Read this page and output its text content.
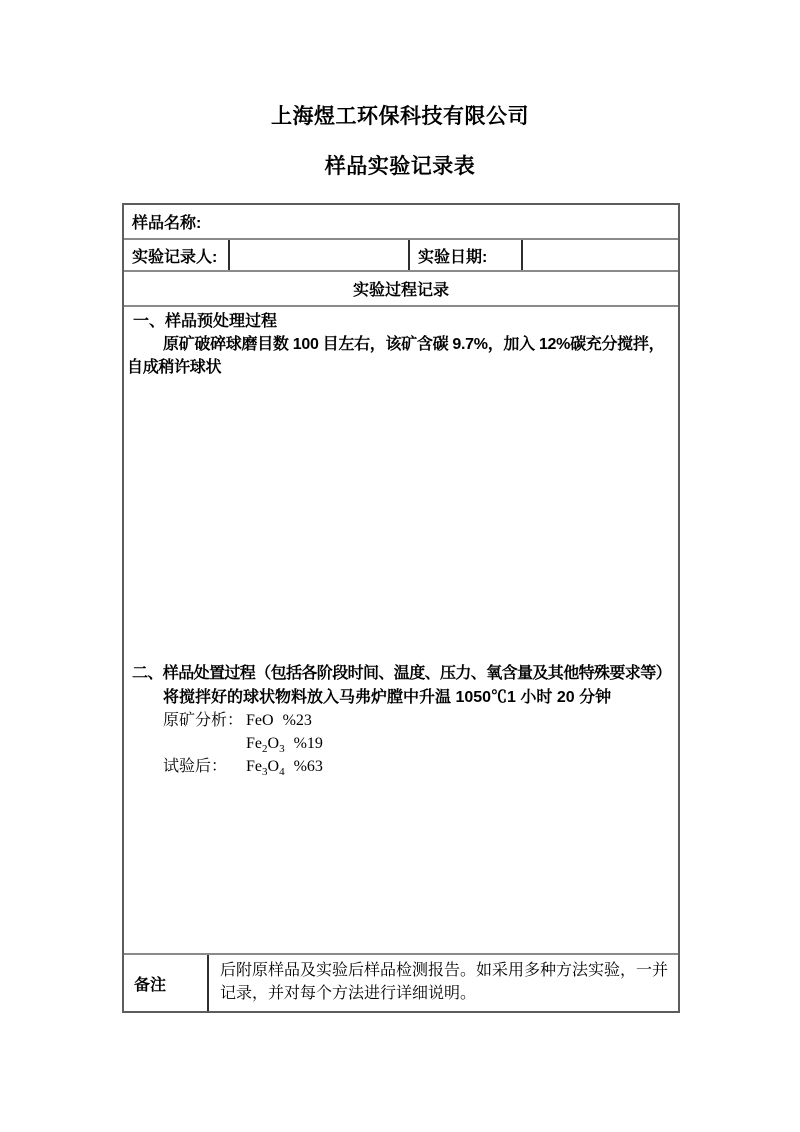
上海煜工环保科技有限公司
样品实验记录表
样品名称:
实验记录人:	实验日期:
实验过程记录
一、样品预处理过程
原矿破碎球磨目数 100 目左右，该矿含碳 9.7%，加入 12%碳充分搅拌，自成稍许球状
二、样品处置过程（包括各阶段时间、温度、压力、氧含量及其他特殊要求等）
将搅拌好的球状物料放入马弗炉膛中升温 1050℃1 小时 20 分钟
原矿分析： FeO %23
$Fe_2O_3$ %19
试验后： $Fe_3O_4$ %63
备注
后附原样品及实验后样品检测报告。如采用多种方法实验，一并记录，并对每个方法进行详细说明。
